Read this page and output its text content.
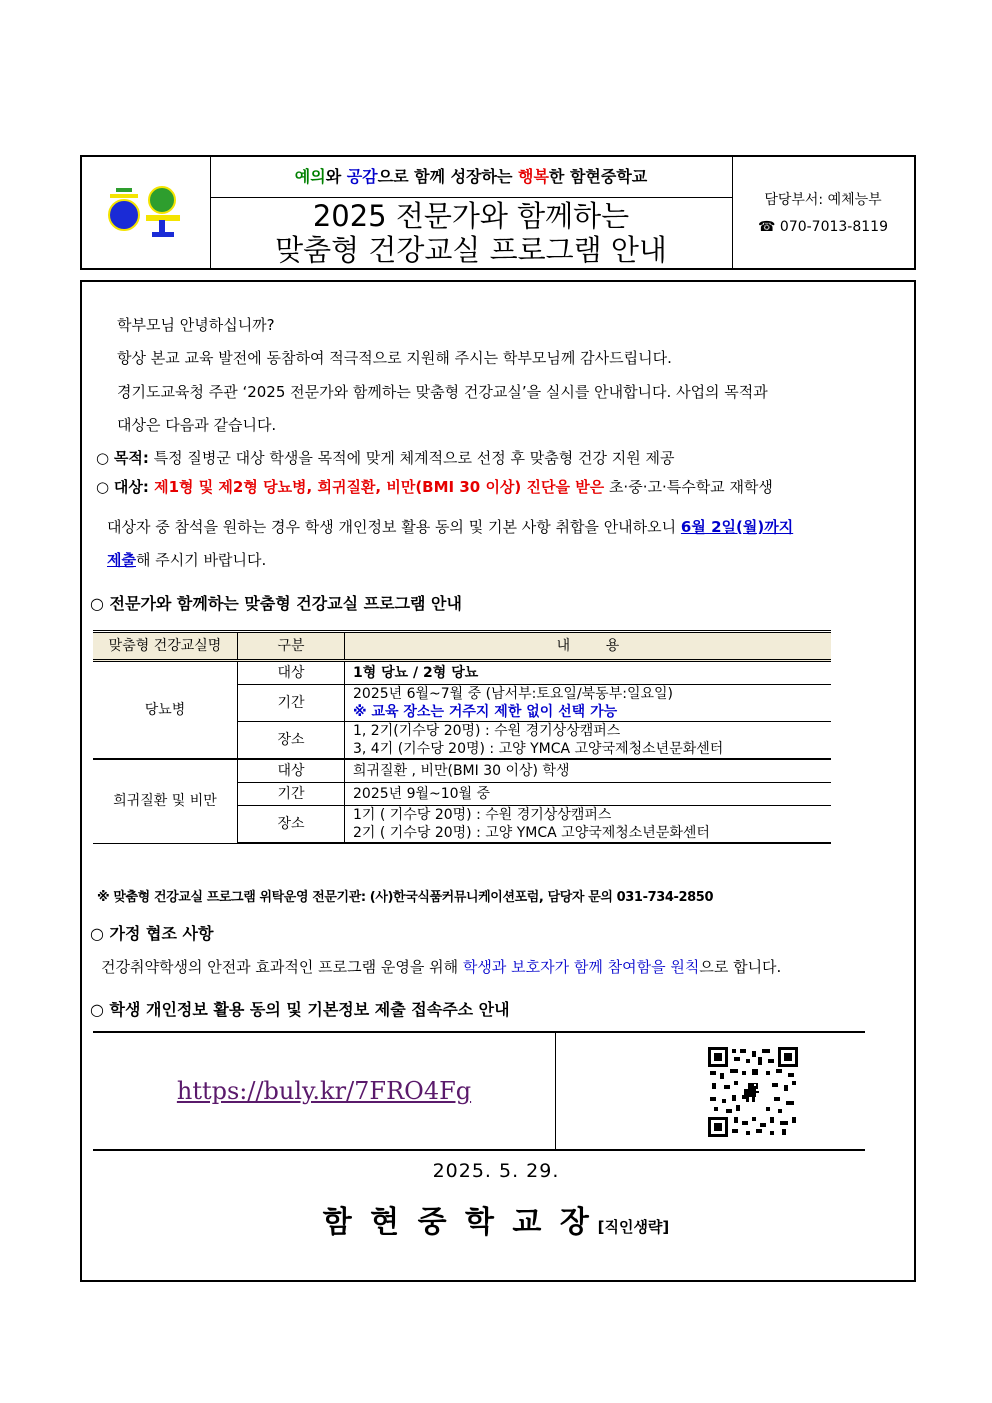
예의와 공감으로 함께 성장하는 행복한 함현중학교
2025 전문가와 함께하는
맞춤형 건강교실 프로그램 안내
담당부서: 예체능부
☎ 070-7013-8119
학부모님 안녕하십니까?
항상 본교 교육 발전에 동참하여 적극적으로 지원해 주시는 학부모님께 감사드립니다.
경기도교육청 주관 ‘2025 전문가와 함께하는 맞춤형 건강교실’을 실시를 안내합니다. 사업의 목적과
대상은 다음과 같습니다.
○ 목적: 특정 질병군 대상 학생을 목적에 맞게 체계적으로 선정 후 맞춤형 건강 지원 제공
○ 대상: 제1형 및 제2형 당뇨병, 희귀질환, 비만(BMI 30 이상) 진단을 받은 초·중·고·특수학교 재학생
대상자 중 참석을 원하는 경우 학생 개인정보 활용 동의 및 기본 사항 취합을 안내하오니 6월 2일(월)까지
제출해 주시기 바랍니다.
○ 전문가와 함께하는 맞춤형 건강교실 프로그램 안내
맞춤형 건강교실명	구분	내        용
당뇨병	대상	1형 당뇨 / 2형 당뇨
	기간	2025년 6월~7월 중 (남서부:토요일/북동부:일요일)
※ 교육 장소는 거주지 제한 없이 선택 가능

	장소	1, 2기(기수당 20명) : 수원 경기상상캠퍼스
3, 4기 (기수당 20명) : 고양 YMCA 고양국제청소년문화센터

희귀질환 및 비만	대상	희귀질환 , 비만(BMI 30 이상) 학생
	기간	2025년 9월~10월 중
	장소	1기 ( 기수당 20명) : 수원 경기상상캠퍼스
2기 ( 기수당 20명) : 고양 YMCA 고양국제청소년문화센터
※ 맞춤형 건강교실 프로그램 위탁운영 전문기관: (사)한국식품커뮤니케이션포럼, 담당자 문의 031-734-2850
○ 가정 협조 사항
건강취약학생의 안전과 효과적인 프로그램 운영을 위해 학생과 보호자가 함께 참여함을 원칙으로 합니다.
○ 학생 개인정보 활용 동의 및 기본정보 제출 접속주소 안내
https://buly.kr/7FRO4Fg
2025. 5. 29.
함 현 중 학 교 장 [직인생략]
